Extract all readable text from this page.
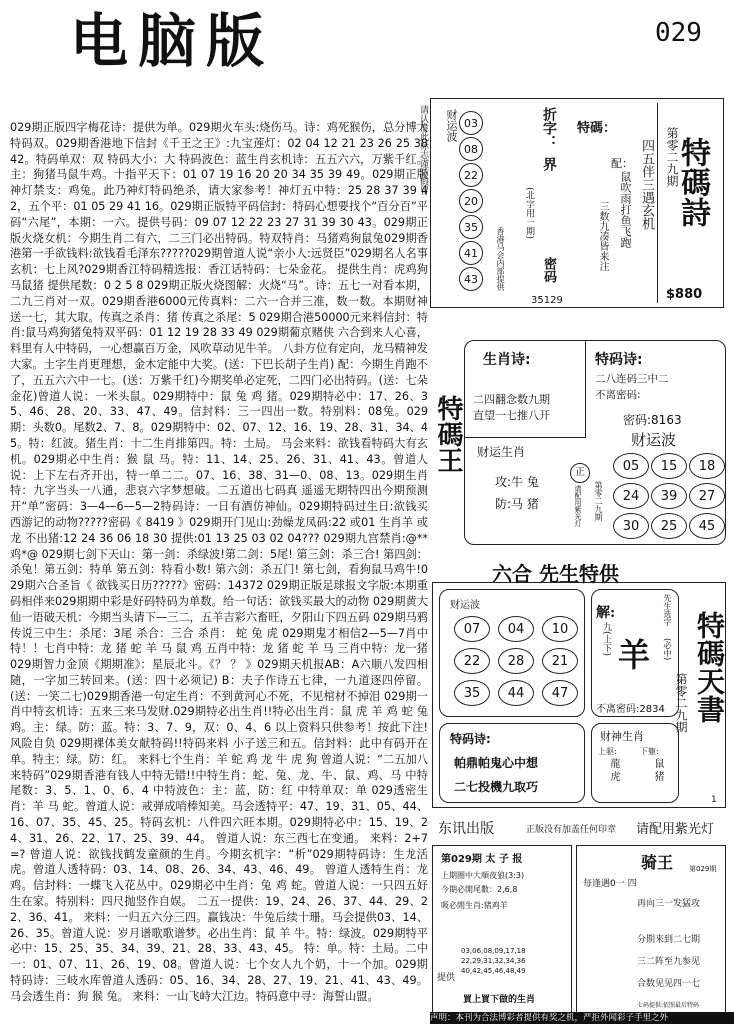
电脑版	029
029期正版四字梅花诗：提供为单。029期火车头:烧伤马。诗：鸡死猴伤，总分博大特码双。029期香港地下信封《千王之王》:九宝莲灯：02 04 12 21 23 26 25 38 42。特码单双：双 特码大小：大 特码波色：蓝生肖玄机诗：五五六六，万紫千红。主：狗猪马鼠牛鸡。十指平天下：01 07 19 16 20 20 34 35 39 49。029期正版神灯禁支：鸡兔。此乃神灯特码绝杀，请大家参考！神灯五中特：25 28 37 39 42，五个平：01 05 29 41 16。029期正版特平码信封：特码心想要找个“百分百”平码“六尾”，本期：一六。提供号码：09 07 12 22 23 27 31 39 30 43。029期正版火烧女机：今期生肖二有六，二三门必出特码。特双特肖：马猪鸡狗鼠兔029期香港第一手欲钱料:欲钱看毛泽东?????029期曾道人说“亲小人:远贤臣”029期名人名事玄机：七上风?029期香江特码精选报：香江话特码：七朵金花。 提供生肖：虎鸡狗马鼠猪 提供尾数：0 2 5 8 029期正版火烧图解：火烧“马”。诗：五七一对看本期，二九三肖对一双。029期香港6000元传真料：二六一合并三准，数一数。本期财神送一七，其大取。传真之杀肖：猪 传真之杀尾：5 029期合港50000元来料信封：特肖:鼠马鸡狗猪兔特双平码：01 12 19 28 33 49 029期葡京赌侠 六合到来人心喜，料里有人中特码，一心想赢百万金，风吹草动见牛羊。 八卦方位有定向，龙马精神发大家。土字生肖更理想，金木定能中大奖。(送：下巴长胡子生肖) 配：今期生肖跑不了，五五六六中一七。(送：万紫千红)今期奖单必定死，二四门必出特码。(送：七朵金花)曾道人说：一米头鼠。029期特中：鼠 兔 鸡 猪。029期特必中：17、26、35、46、28、20、33、47、49。信封料：三一四出一数。特别料：08兔。029期：头数0。尾数2、7、8。029期特中：02、07、12、16、19、28、31、34、45。特：红波。猪生肖：十二生肖排第四。特：土局。 马会来料：欲钱看特码大有玄机。029期必中生肖：猴 鼠 马。特：11、14、25、26、31、41、43。曾道人说：上下左右齐开出，特一单二二。07、16、38、31—0、08、13。029期生肖特：九字当头一八通，悲哀六字梦想破。二五道出七码真 遥遥无期特四出今期预测开“单”密码：3—4—6—5—2特码诗：一日有酒仿神仙。029期特码过生日:欲钱买西游记的动物?????密码《 8419 》029期开门见山:劲燥龙凤码:22 或01 生肖羊 或龙 不出猪:12 24 36 06 18 30 提供:01 13 25 03 02 04??? 029期九宫禁肖:@**鸡*@ 029期七剑下天山：第一剑：杀绿波!第二剑：5尾! 第三剑：杀三合! 第四剑：杀兔！第五剑：特单 第五剑：特看小数! 第六剑：杀五门! 第七剑，看狗鼠马鸡牛!029期六合圣旨《 欲钱买日历?????》密码：14372 029期正版足球报文字版:本期重码相伴来029期期中彩是好码特码为单数。给一句话：欲钱买最大的动物 029期黄大仙一语破天机：今期当头请下—三二，五羊吉彩六畜旺，夕阳山下四五码 029期马鸦传说三中生：杀尾：3尾 杀合：三合 杀肖： 蛇 兔 虎 029期鬼才相信2—5—7肖中特！！七肖中特：龙 猪 蛇 羊 马 鼠 鸡 五肖中特：龙 猪 蛇 羊 马 三肖中特：龙一猪 029期智力金顶《期期准》：星辰北斗。《？ ？ 》029期天机报AB：A六顺八发四相随，一字加三转回来。(送：四十必须记) B：夫子作诗五七律，一九道逐四停留。(送：一笑二七)029期香港一句定生肖：不到黄河心不死，不见棺材不掉泪 029期一肖中特玄机诗：五来三来马发财.029期特必出生肖!!特必出生肖：鼠 虎 羊 鸡 蛇 兔 鸡。主：绿。防：蓝。特：3、7、9，双：0、4、6 以上资料只供参考！按此下注! 风险自负 029期裸体美女献特码!!特码来料 小子送三和五。信封料：此中有码开在单。特主：绿。防：红。 来料七个生肖：羊 蛇 鸡 龙 牛 虎 狗 曾道人说：“二五加八来特码”029期香港有钱人中特无错!!中特生肖：蛇、兔、龙、牛、鼠、鸡、马 中特尾数：3、5、1、0、6、4 中特波色：主：蓝，防：红 中特单双：单 029透密生肖：羊 马 蛇。曾道人说：戒弹成哨棒知美。马会透特平：47、19、31、05、44、16、07、35、45、25。特码玄机：八件四六旺本期。029期特必中：15、19、24、31、26、22、17、25、39、44。 曾道人说：东三西七在变通。 来料：2+7=? 曾道人说：欲钱找鹤发童颜的生肖。今期玄机字：“析”029期特码诗：生龙活虎。曾道人透特码：03、14、08、26、34、43、46、49。 曾道人透特生肖：龙 鸡。信封料：一蝶飞入花丛中。029期必中生肖：兔 鸡 蛇。曾道人说：一只四五好生在家。特别料：四尺抛竖作自娱。 二五一提供：19、24、26、37、44、29、22、36、41。 来料：一归五六分三四。赢钱决：牛兔后续十珊。马会提供03、14、26、35。曾道人说：岁月谱歌歌谱梦。必出生肖：鼠 羊 牛。特：绿波。029期特平必中：15、25、35、34、39、21、28、33、43、45。 特：单。特：土局。二中一：01、07、11、26、19、08。曾道人说：七个女人九个奶，十一个加。029期特码诗：三岐水库曾道人透码：05、16、34、28、27、19、21、41、43、49。马会透生肖：狗 猴 兔。 来料：一山飞峙大江边。特码意中寻：海誓山盟。
请认准此标志谨防假冒 财运波 03
08
22
20
35
41
43	香港马会内部提供
折字：
界
(北字用一期)
密码
特碼：
四五伴三遇玄机
鼠吹雨打鱼飞跑
三数九凑皆来注
配： 特碼詩
第零二九期
$880
35129
生肖诗:
二四翻念数九期
直望一七推八开
特码诗:
二八连码三中二
不离密码:
密码:8163
财运生肖
攻:牛 兔
防:马 猪
正
请配用紫光灯 第零二九期
财运波
05	15	18
24	39	27
30	25	45
特碼王
六合 先生特供
财运波
07	04	10
22	28	21
35	44	47
解:
九(上下) 羊
先生选字
(必中)
不离密码:2834
特码诗:
帕鼎帕鬼心中想
二七投機九取巧
财神生肖
上驱:
龍 虎
下躯:
鼠 猪
特碼天書
第零二九期
1
东讯出版	正版没有加盖任何印章 请配用紫光灯
第029期 太 子 报
上期圈中大順夜狼(3:3)
今期必開尾數：2,6,8
吸必閒生肖:猪鸡羊
提供
03,06,08,09,17,18 22,29,31,32,34,36 40,42,45,46,48,49
買上買下做的生肖
骑王 第029期
每逢遇0一 四
再向三一发猛攻
分期来到二七期
三二阵至九参见
合数见见四一七
七码提供:依照最后特码
声明：本刊为合法博彩者提供有奖之机，严拒外闻彩子手里之外
